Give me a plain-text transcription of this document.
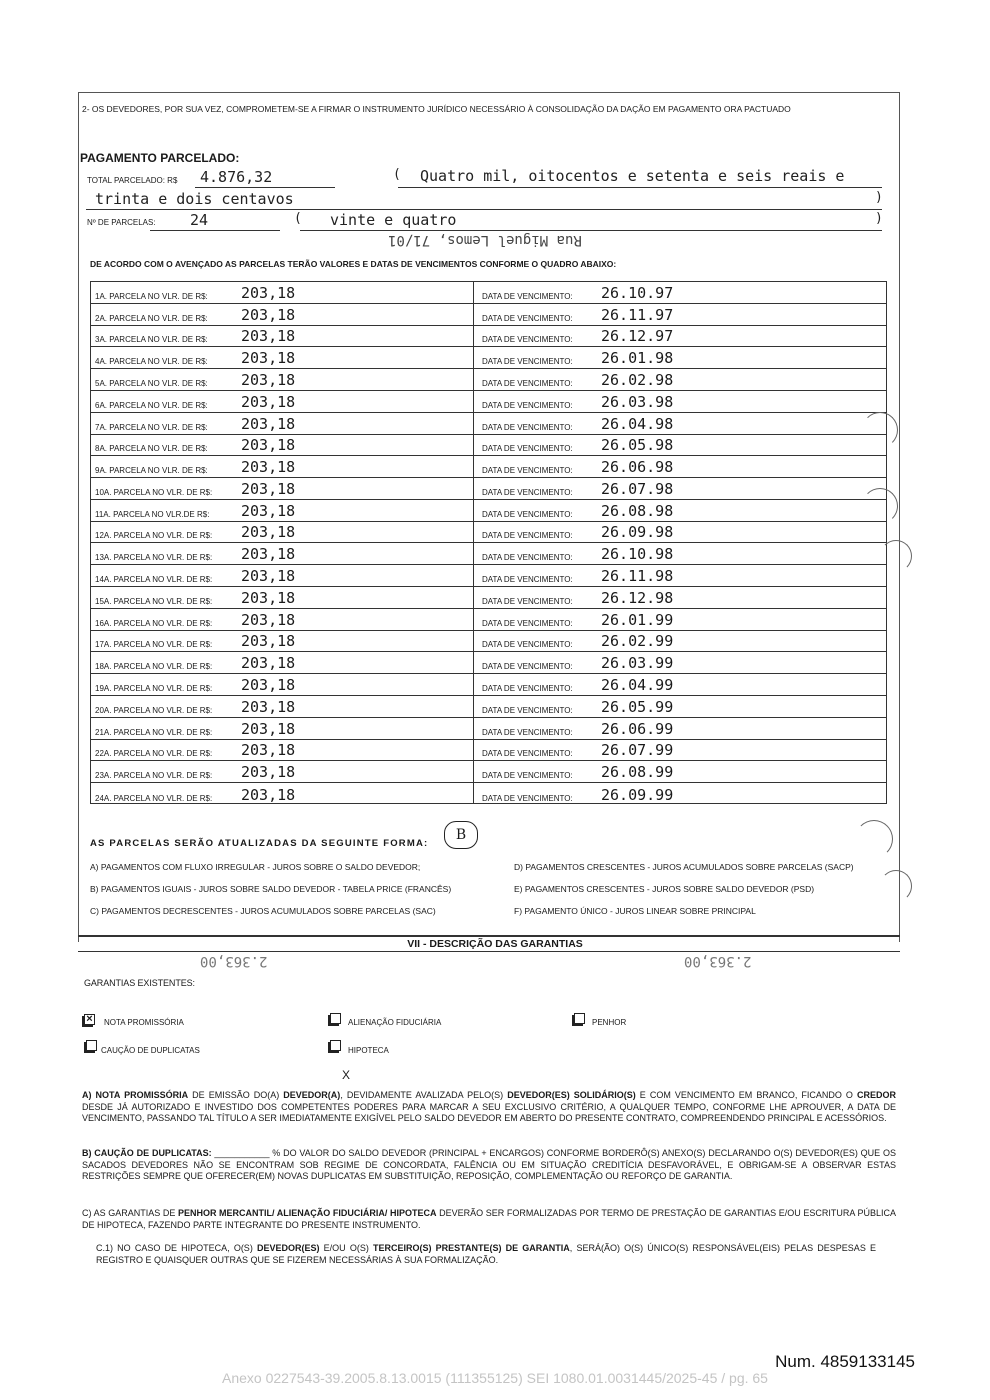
2- OS DEVEDORES, POR SUA VEZ, COMPROMETEM-SE A FIRMAR O INSTRUMENTO JURÍDICO NECESSÁRIO À CONSOLIDAÇÃO DA DAÇÃO EM PAGAMENTO ORA PACTUADO
PAGAMENTO PARCELADO:
TOTAL PARCELADO: R$ 4.876,32	( Quatro mil, oitocentos e setenta e seis reais e
trinta e dois centavos	)
Nº DE PARCELAS: 24	( vinte e quatro	)
Rua Miguel Lemos, 71/01
DE ACORDO COM O AVENÇADO AS PARCELAS TERÃO VALORES E DATAS DE VENCIMENTOS CONFORME O QUADRO ABAIXO:
1A. PARCELA NO VLR. DE R$: 203,18	DATA DE VENCIMENTO: 26.10.97
2A. PARCELA NO VLR. DE R$: 203,18	DATA DE VENCIMENTO: 26.11.97
3A. PARCELA NO VLR. DE R$: 203,18	DATA DE VENCIMENTO: 26.12.97
4A. PARCELA NO VLR. DE R$: 203,18	DATA DE VENCIMENTO: 26.01.98
5A. PARCELA NO VLR. DE R$: 203,18	DATA DE VENCIMENTO: 26.02.98
6A. PARCELA NO VLR. DE R$: 203,18	DATA DE VENCIMENTO: 26.03.98
7A. PARCELA NO VLR. DE R$: 203,18	DATA DE VENCIMENTO: 26.04.98
8A. PARCELA NO VLR. DE R$: 203,18	DATA DE VENCIMENTO: 26.05.98
9A. PARCELA NO VLR. DE R$: 203,18	DATA DE VENCIMENTO: 26.06.98
10A. PARCELA NO VLR. DE R$: 203,18	DATA DE VENCIMENTO: 26.07.98
11A. PARCELA NO VLR.DE R$: 203,18	DATA DE VENCIMENTO: 26.08.98
12A. PARCELA NO VLR. DE R$: 203,18	DATA DE VENCIMENTO: 26.09.98
13A. PARCELA NO VLR. DE R$: 203,18	DATA DE VENCIMENTO: 26.10.98
14A. PARCELA NO VLR. DE R$: 203,18	DATA DE VENCIMENTO: 26.11.98
15A. PARCELA NO VLR. DE R$: 203,18	DATA DE VENCIMENTO: 26.12.98
16A. PARCELA NO VLR. DE R$: 203,18	DATA DE VENCIMENTO: 26.01.99
17A. PARCELA NO VLR. DE R$: 203,18	DATA DE VENCIMENTO: 26.02.99
18A. PARCELA NO VLR. DE R$: 203,18	DATA DE VENCIMENTO: 26.03.99
19A. PARCELA NO VLR. DE R$: 203,18	DATA DE VENCIMENTO: 26.04.99
20A. PARCELA NO VLR. DE R$: 203,18	DATA DE VENCIMENTO: 26.05.99
21A. PARCELA NO VLR. DE R$: 203,18	DATA DE VENCIMENTO: 26.06.99
22A. PARCELA NO VLR. DE R$: 203,18	DATA DE VENCIMENTO: 26.07.99
23A. PARCELA NO VLR. DE R$: 203,18	DATA DE VENCIMENTO: 26.08.99
24A. PARCELA NO VLR. DE R$: 203,18	DATA DE VENCIMENTO: 26.09.99
AS PARCELAS SERÃO ATUALIZADAS DA SEGUINTE FORMA:
B
A) PAGAMENTOS COM FLUXO IRREGULAR - JUROS SOBRE O SALDO DEVEDOR;
B) PAGAMENTOS IGUAIS - JUROS SOBRE SALDO DEVEDOR - TABELA PRICE (FRANCÊS)
C) PAGAMENTOS DECRESCENTES - JUROS ACUMULADOS SOBRE PARCELAS (SAC)
D) PAGAMENTOS CRESCENTES - JUROS ACUMULADOS SOBRE PARCELAS (SACP)
E) PAGAMENTOS CRESCENTES - JUROS SOBRE SALDO DEVEDOR (PSD)
F) PAGAMENTO ÚNICO - JUROS LINEAR SOBRE PRINCIPAL
VII - DESCRIÇÃO DAS GARANTIAS
2.363,00	2.363,00
GARANTIAS EXISTENTES:
× NOTA PROMISSÓRIA	ALIENAÇÃO FIDUCIÁRIA	PENHOR
CAUÇÃO DE DUPLICATAS	HIPOTECA
X
A) NOTA PROMISSÓRIA DE EMISSÃO DO(A) DEVEDOR(A), DEVIDAMENTE AVALIZADA PELO(S) DEVEDOR(ES) SOLIDÁRIO(S) E COM VENCIMENTO EM BRANCO, FICANDO O CREDOR DESDE JÁ AUTORIZADO E INVESTIDO DOS COMPETENTES PODERES PARA MARCAR A SEU EXCLUSIVO CRITÉRIO, A QUALQUER TEMPO, CONFORME LHE APROUVER, A DATA DE VENCIMENTO, PASSANDO TAL TÍTULO A SER IMEDIATAMENTE EXIGÍVEL PELO SALDO DEVEDOR EM ABERTO DO PRESENTE CONTRATO, COMPREENDENDO PRINCIPAL E ACESSÓRIOS.
B) CAUÇÃO DE DUPLICATAS: ___________ % DO VALOR DO SALDO DEVEDOR (PRINCIPAL + ENCARGOS) CONFORME BORDERÔ(S) ANEXO(S) DECLARANDO O(S) DEVEDOR(ES) QUE OS SACADOS DEVEDORES NÃO SE ENCONTRAM SOB REGIME DE CONCORDATA, FALÊNCIA OU EM SITUAÇÃO CREDITÍCIA DESFAVORÁVEL, E OBRIGAM-SE A OBSERVAR ESTAS RESTRIÇÕES SEMPRE QUE OFERECER(EM) NOVAS DUPLICATAS EM SUBSTITUIÇÃO, REPOSIÇÃO, COMPLEMENTAÇÃO OU REFORÇO DE GARANTIA.
C) AS GARANTIAS DE PENHOR MERCANTIL/ ALIENAÇÃO FIDUCIÁRIA/ HIPOTECA DEVERÃO SER FORMALIZADAS POR TERMO DE PRESTAÇÃO DE GARANTIAS E/OU ESCRITURA PÚBLICA DE HIPOTECA, FAZENDO PARTE INTEGRANTE DO PRESENTE INSTRUMENTO.
C.1) NO CASO DE HIPOTECA, O(S) DEVEDOR(ES) E/OU O(S) TERCEIRO(S) PRESTANTE(S) DE GARANTIA, SERÁ(ÃO) O(S) ÚNICO(S) RESPONSÁVEL(EIS) PELAS DESPESAS E REGISTRO E QUAISQUER OUTRAS QUE SE FIZEREM NECESSÁRIAS À SUA FORMALIZAÇÃO.
Num. 4859133145
Anexo 0227543-39.2005.8.13.0015 (111355125) SEI 1080.01.0031445/2025-45 / pg. 65
